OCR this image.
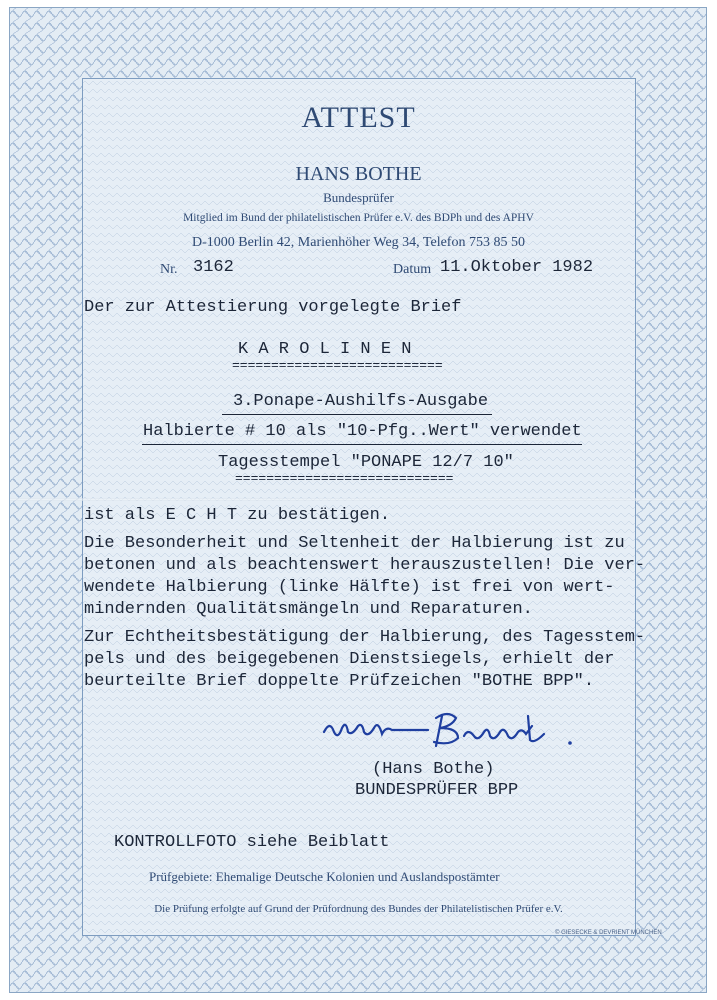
ATTEST
HANS BOTHE
Bundesprüfer
Mitglied im Bund der philatelistischen Prüfer e.V. des BDPh und des APHV
D-1000 Berlin 42, Marienhöher Weg 34, Telefon 753 85 50
Nr. 3162	Datum 11.Oktober 1982
Der zur Attestierung vorgelegte Brief
K A R O L I N E N
===========================
3.Ponape-Aushilfs-Ausgabe
Halbierte # 10 als "10-Pfg..Wert" verwendet
Tagesstempel "PONAPE 12/7 10"
============================
ist als E C H T zu bestätigen.
Die Besonderheit und Seltenheit der Halbierung ist zu
betonen und als beachtenswert herauszustellen! Die ver-
wendete Halbierung (linke Hälfte) ist frei von wert-
mindernden Qualitätsmängeln und Reparaturen.
Zur Echtheitsbestätigung der Halbierung, des Tagesstem-
pels und des beigegebenen Dienstsiegels, erhielt der
beurteilte Brief doppelte Prüfzeichen "BOTHE BPP".
(Hans Bothe)
BUNDESPRÜFER BPP
KONTROLLFOTO siehe Beiblatt
Prüfgebiete: Ehemalige Deutsche Kolonien und Auslandspostämter
Die Prüfung erfolgte auf Grund der Prüfordnung des Bundes der Philatelistischen Prüfer e.V.
© GIESECKE & DEVRIENT MÜNCHEN
